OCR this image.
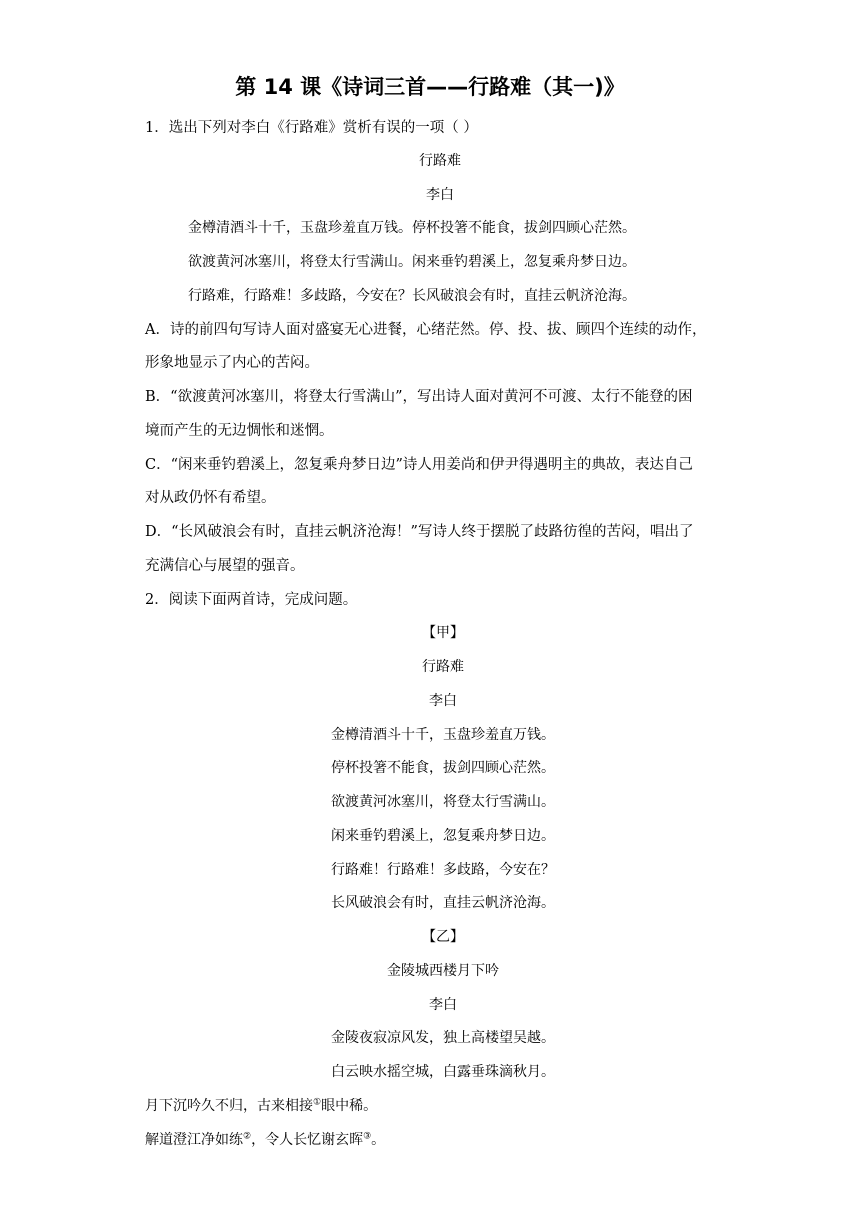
第 14 课《诗词三首——行路难（其一)》
1．选出下列对李白《行路难》赏析有误的一项（ ）
行路难
李白
金樽清酒斗十千，玉盘珍羞直万钱。停杯投箸不能食，拔剑四顾心茫然。
欲渡黄河冰塞川，将登太行雪满山。闲来垂钓碧溪上，忽复乘舟梦日边。
行路难，行路难！多歧路，今安在？长风破浪会有时，直挂云帆济沧海。
A．诗的前四句写诗人面对盛宴无心进餐，心绪茫然。停、投、拔、顾四个连续的动作，
形象地显示了内心的苦闷。
B．“欲渡黄河冰塞川，将登太行雪满山”，写出诗人面对黄河不可渡、太行不能登的困
境而产生的无边惆怅和迷惘。
C．“闲来垂钓碧溪上，忽复乘舟梦日边”诗人用姜尚和伊尹得遇明主的典故，表达自己
对从政仍怀有希望。
D．“长风破浪会有时，直挂云帆济沧海！”写诗人终于摆脱了歧路彷徨的苦闷，唱出了
充满信心与展望的强音。
2．阅读下面两首诗，完成问题。
【甲】
行路难
李白
金樽清酒斗十千，玉盘珍羞直万钱。
停杯投箸不能食，拔剑四顾心茫然。
欲渡黄河冰塞川，将登太行雪满山。
闲来垂钓碧溪上，忽复乘舟梦日边。
行路难！行路难！多歧路，今安在？
长风破浪会有时，直挂云帆济沧海。
【乙】
金陵城西楼月下吟
李白
金陵夜寂凉风发，独上高楼望吴越。
白云映水摇空城，白露垂珠滴秋月。
月下沉吟久不归，古来相接①眼中稀。
解道澄江净如练②，令人长忆谢玄晖③。
